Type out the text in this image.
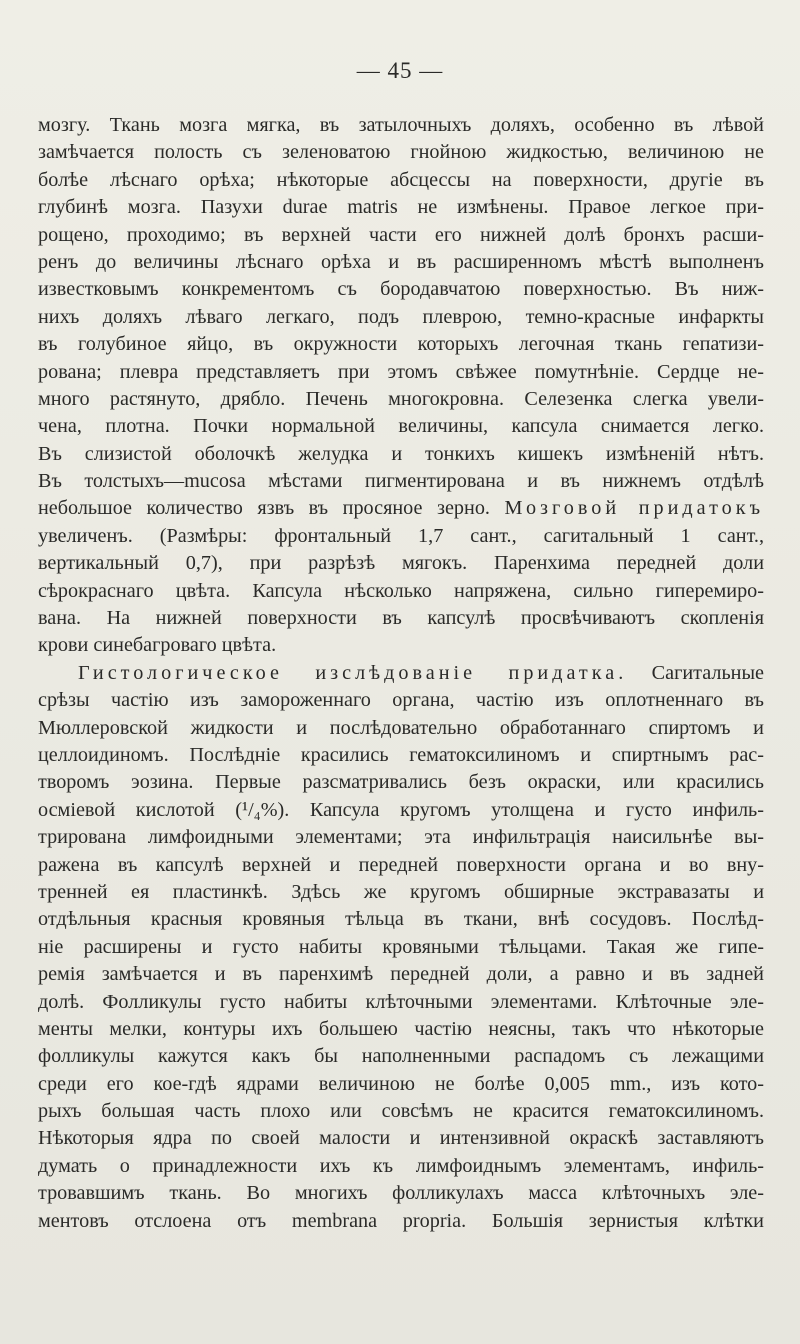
— 45 —
мозгу. Ткань мозга мягка, въ затылочныхъ доляхъ, особенно въ лѣвой
замѣчается полость съ зеленоватою гнойною жидкостью, величиною не
болѣе лѣснаго орѣха; нѣкоторые абсцессы на поверхности, другіе въ
глубинѣ мозга. Пазухи durae matris не измѣнены. Правое легкое при-
рощено, проходимо; въ верхней части его нижней долѣ бронхъ расши-
ренъ до величины лѣснаго орѣха и въ расширенномъ мѣстѣ выполненъ
известковымъ конкрементомъ съ бородавчатою поверхностью. Въ ниж-
нихъ доляхъ лѣваго легкаго, подъ плеврою, темно-красные инфаркты
въ голубиное яйцо, въ окружности которыхъ легочная ткань гепатизи-
рована; плевра представляетъ при этомъ свѣжее помутнѣніе. Сердце не-
много растянуто, дрябло. Печень многокровна. Селезенка слегка увели-
чена, плотна. Почки нормальной величины, капсула снимается легко.
Въ слизистой оболочкѣ желудка и тонкихъ кишекъ измѣненій нѣтъ.
Въ толстыхъ—mucosa мѣстами пигментирована и въ нижнемъ отдѣлѣ
небольшое количество язвъ въ просяное зерно. Мозговой придатокъ
увеличенъ. (Размѣры: фронтальный 1,7 сант., сагитальный 1 сант.,
вертикальный 0,7), при разрѣзѣ мягокъ. Паренхима передней доли
сѣрокраснаго цвѣта. Капсула нѣсколько напряжена, сильно гиперемиро-
вана. На нижней поверхности въ капсулѣ просвѣчиваютъ скопленія
крови синебагроваго цвѣта.
Гистологическое изслѣдованіе придатка. Сагитальные
срѣзы частію изъ замороженнаго органа, частію изъ оплотненнаго въ
Мюллеровской жидкости и послѣдовательно обработаннаго спиртомъ и
целлоидиномъ. Послѣдніе красились гематоксилиномъ и спиртнымъ рас-
творомъ эозина. Первые разсматривались безъ окраски, или красились
осміевой кислотой (¹/₄%). Капсула кругомъ утолщена и густо инфиль-
трирована лимфоидными элементами; эта инфильтрація наисильнѣе вы-
ражена въ капсулѣ верхней и передней поверхности органа и во вну-
тренней ея пластинкѣ. Здѣсь же кругомъ обширные экстравазаты и
отдѣльныя красныя кровяныя тѣльца въ ткани, внѣ сосудовъ. Послѣд-
ніе расширены и густо набиты кровяными тѣльцами. Такая же гипе-
ремія замѣчается и въ паренхимѣ передней доли, а равно и въ задней
долѣ. Фолликулы густо набиты клѣточными элементами. Клѣточные эле-
менты мелки, контуры ихъ большею частію неясны, такъ что нѣкоторые
фолликулы кажутся какъ бы наполненными распадомъ съ лежащими
среди его кое-гдѣ ядрами величиною не болѣе 0,005 mm., изъ кото-
рыхъ большая часть плохо или совсѣмъ не красится гематоксилиномъ.
Нѣкоторыя ядра по своей малости и интензивной окраскѣ заставляютъ
думать о принадлежности ихъ къ лимфоиднымъ элементамъ, инфиль-
тровавшимъ ткань. Во многихъ фолликулахъ масса клѣточныхъ эле-
ментовъ отслоена отъ membrana propria. Большія зернистыя клѣтки
